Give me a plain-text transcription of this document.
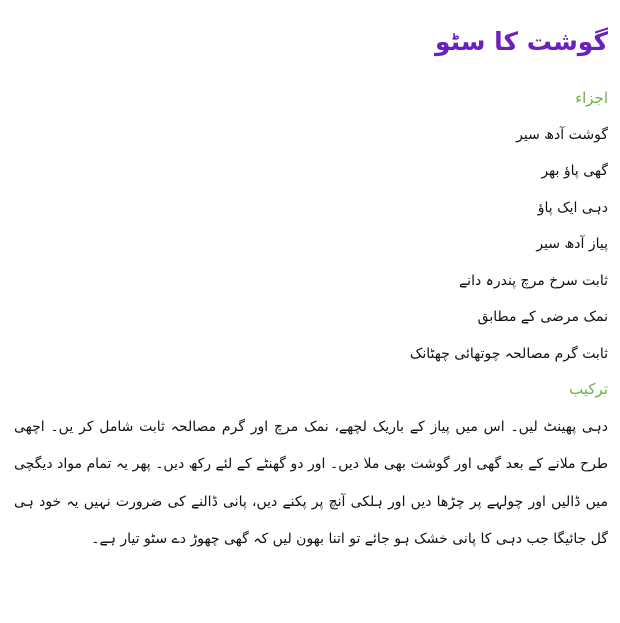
گوشت کا سٹو
اجزاء
گوشت آدھ سیر
گھی پاؤ بھر
دہی ایک پاؤ
پیاز آدھ سیر
ثابت سرخ مرچ پندرہ دانے
نمک مرضی کے مطابق
ثابت گرم مصالحہ چوتھائی چھٹانک
ترکیب

دہی پھینٹ لیں۔ اس میں پیاز کے باریک لچھے، نمک مرچ اور گرم مصالحہ ثابت شامل کر یں۔ اچھی طرح ملانے کے بعد گھی اور گوشت بھی ملا دیں۔ اور دو گھنٹے کے لئے رکھ دیں۔ پھر یہ تمام مواد دیگچی میں ڈالیں اور چولہے پر چڑھا دیں اور ہلکی آنچ پر پکنے دیں، پانی ڈالنے کی ضرورت نہیں یہ خود ہی گل جائیگا جب دہی کا پانی خشک ہو جائے تو اتنا بھون لیں کہ گھی چھوڑ دے سٹو تیار ہے۔
